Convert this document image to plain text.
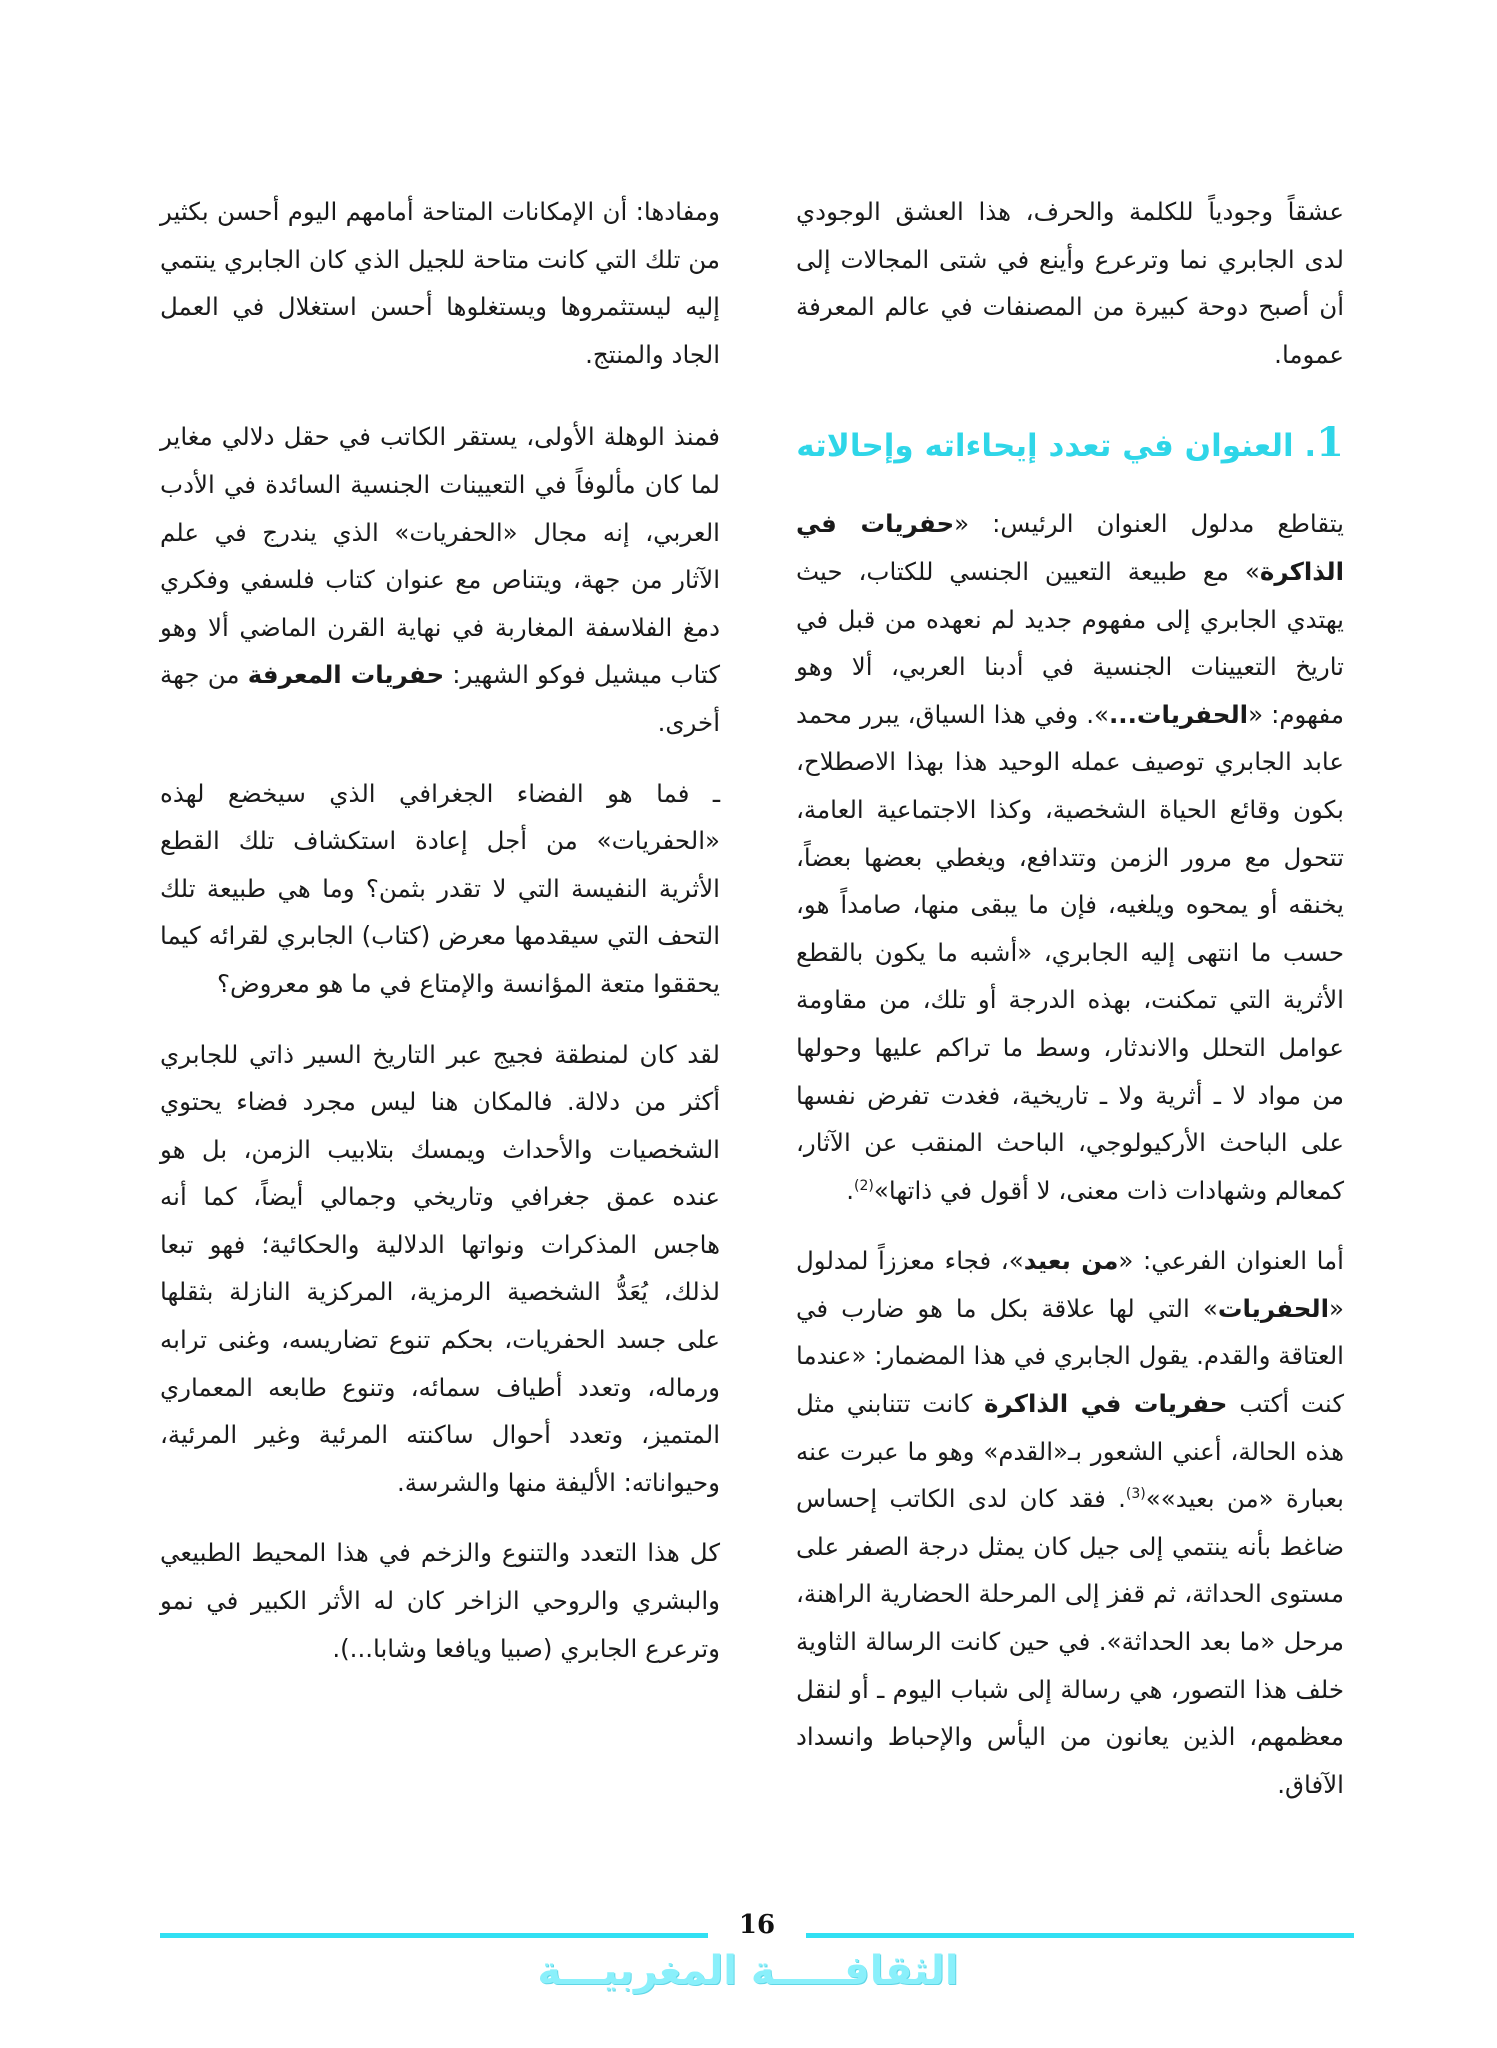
عشقاً وجودياً للكلمة والحرف، هذا العشق الوجودي لدى الجابري نما وترعرع وأينع في شتى المجالات إلى أن أصبح دوحة كبيرة من المصنفات في عالم المعرفة عموما.

1. العنوان في تعدد إيحاءاته وإحالاته

يتقاطع مدلول العنوان الرئيس: «حفريات في الذاكرة» مع طبيعة التعيين الجنسي للكتاب، حيث يهتدي الجابري إلى مفهوم جديد لم نعهده من قبل في تاريخ التعيينات الجنسية في أدبنا العربي، ألا وهو مفهوم: «الحفريات...». وفي هذا السياق، يبرر محمد عابد الجابري توصيف عمله الوحيد هذا بهذا الاصطلاح، بكون وقائع الحياة الشخصية، وكذا الاجتماعية العامة، تتحول مع مرور الزمن وتتدافع، ويغطي بعضها بعضاً، يخنقه أو يمحوه ويلغيه، فإن ما يبقى منها، صامداً هو، حسب ما انتهى إليه الجابري، «أشبه ما يكون بالقطع الأثرية التي تمكنت، بهذه الدرجة أو تلك، من مقاومة عوامل التحلل والاندثار، وسط ما تراكم عليها وحولها من مواد لا ـ أثرية ولا ـ تاريخية، فغدت تفرض نفسها على الباحث الأركيولوجي، الباحث المنقب عن الآثار، كمعالم وشهادات ذات معنى، لا أقول في ذاتها»$^{(2)}$.

أما العنوان الفرعي: «من بعيد»، فجاء معززاً لمدلول «الحفريات» التي لها علاقة بكل ما هو ضارب في العتاقة والقدم. يقول الجابري في هذا المضمار: «عندما كنت أكتب حفريات في الذاكرة كانت تتنابني مثل هذه الحالة، أعني الشعور بـ«القدم» وهو ما عبرت عنه بعبارة «من بعيد»»$^{(3)}$. فقد كان لدى الكاتب إحساس ضاغط بأنه ينتمي إلى جيل كان يمثل درجة الصفر على مستوى الحداثة، ثم قفز إلى المرحلة الحضارية الراهنة، مرحل «ما بعد الحداثة». في حين كانت الرسالة الثاوية خلف هذا التصور، هي رسالة إلى شباب اليوم ـ أو لنقل معظمهم، الذين يعانون من اليأس والإحباط وانسداد الآفاق.

ومفادها: أن الإمكانات المتاحة أمامهم اليوم أحسن بكثير من تلك التي كانت متاحة للجيل الذي كان الجابري ينتمي إليه ليستثمروها ويستغلوها أحسن استغلال في العمل الجاد والمنتج.

فمنذ الوهلة الأولى، يستقر الكاتب في حقل دلالي مغاير لما كان مألوفاً في التعيينات الجنسية السائدة في الأدب العربي، إنه مجال «الحفريات» الذي يندرج في علم الآثار من جهة، ويتناص مع عنوان كتاب فلسفي وفكري دمغ الفلاسفة المغاربة في نهاية القرن الماضي ألا وهو كتاب ميشيل فوكو الشهير: حفريات المعرفة من جهة أخرى.

ـ فما هو الفضاء الجغرافي الذي سيخضع لهذه «الحفريات» من أجل إعادة استكشاف تلك القطع الأثرية النفيسة التي لا تقدر بثمن؟ وما هي طبيعة تلك التحف التي سيقدمها معرض (كتاب) الجابري لقرائه كيما يحققوا متعة المؤانسة والإمتاع في ما هو معروض؟

لقد كان لمنطقة فجيج عبر التاريخ السير ذاتي للجابري أكثر من دلالة. فالمكان هنا ليس مجرد فضاء يحتوي الشخصيات والأحداث ويمسك بتلابيب الزمن، بل هو عنده عمق جغرافي وتاريخي وجمالي أيضاً، كما أنه هاجس المذكرات ونواتها الدلالية والحكائية؛ فهو تبعا لذلك، يُعَدُّ الشخصية الرمزية، المركزية النازلة بثقلها على جسد الحفريات، بحكم تنوع تضاريسه، وغنى ترابه ورماله، وتعدد أطياف سمائه، وتنوع طابعه المعماري المتميز، وتعدد أحوال ساكنته المرئية وغير المرئية، وحيواناته: الأليفة منها والشرسة.

كل هذا التعدد والتنوع والزخم في هذا المحيط الطبيعي والبشري والروحي الزاخر كان له الأثر الكبير في نمو وترعرع الجابري (صبيا ويافعا وشابا...).

16
الثقافـــــة المغربيـــة
